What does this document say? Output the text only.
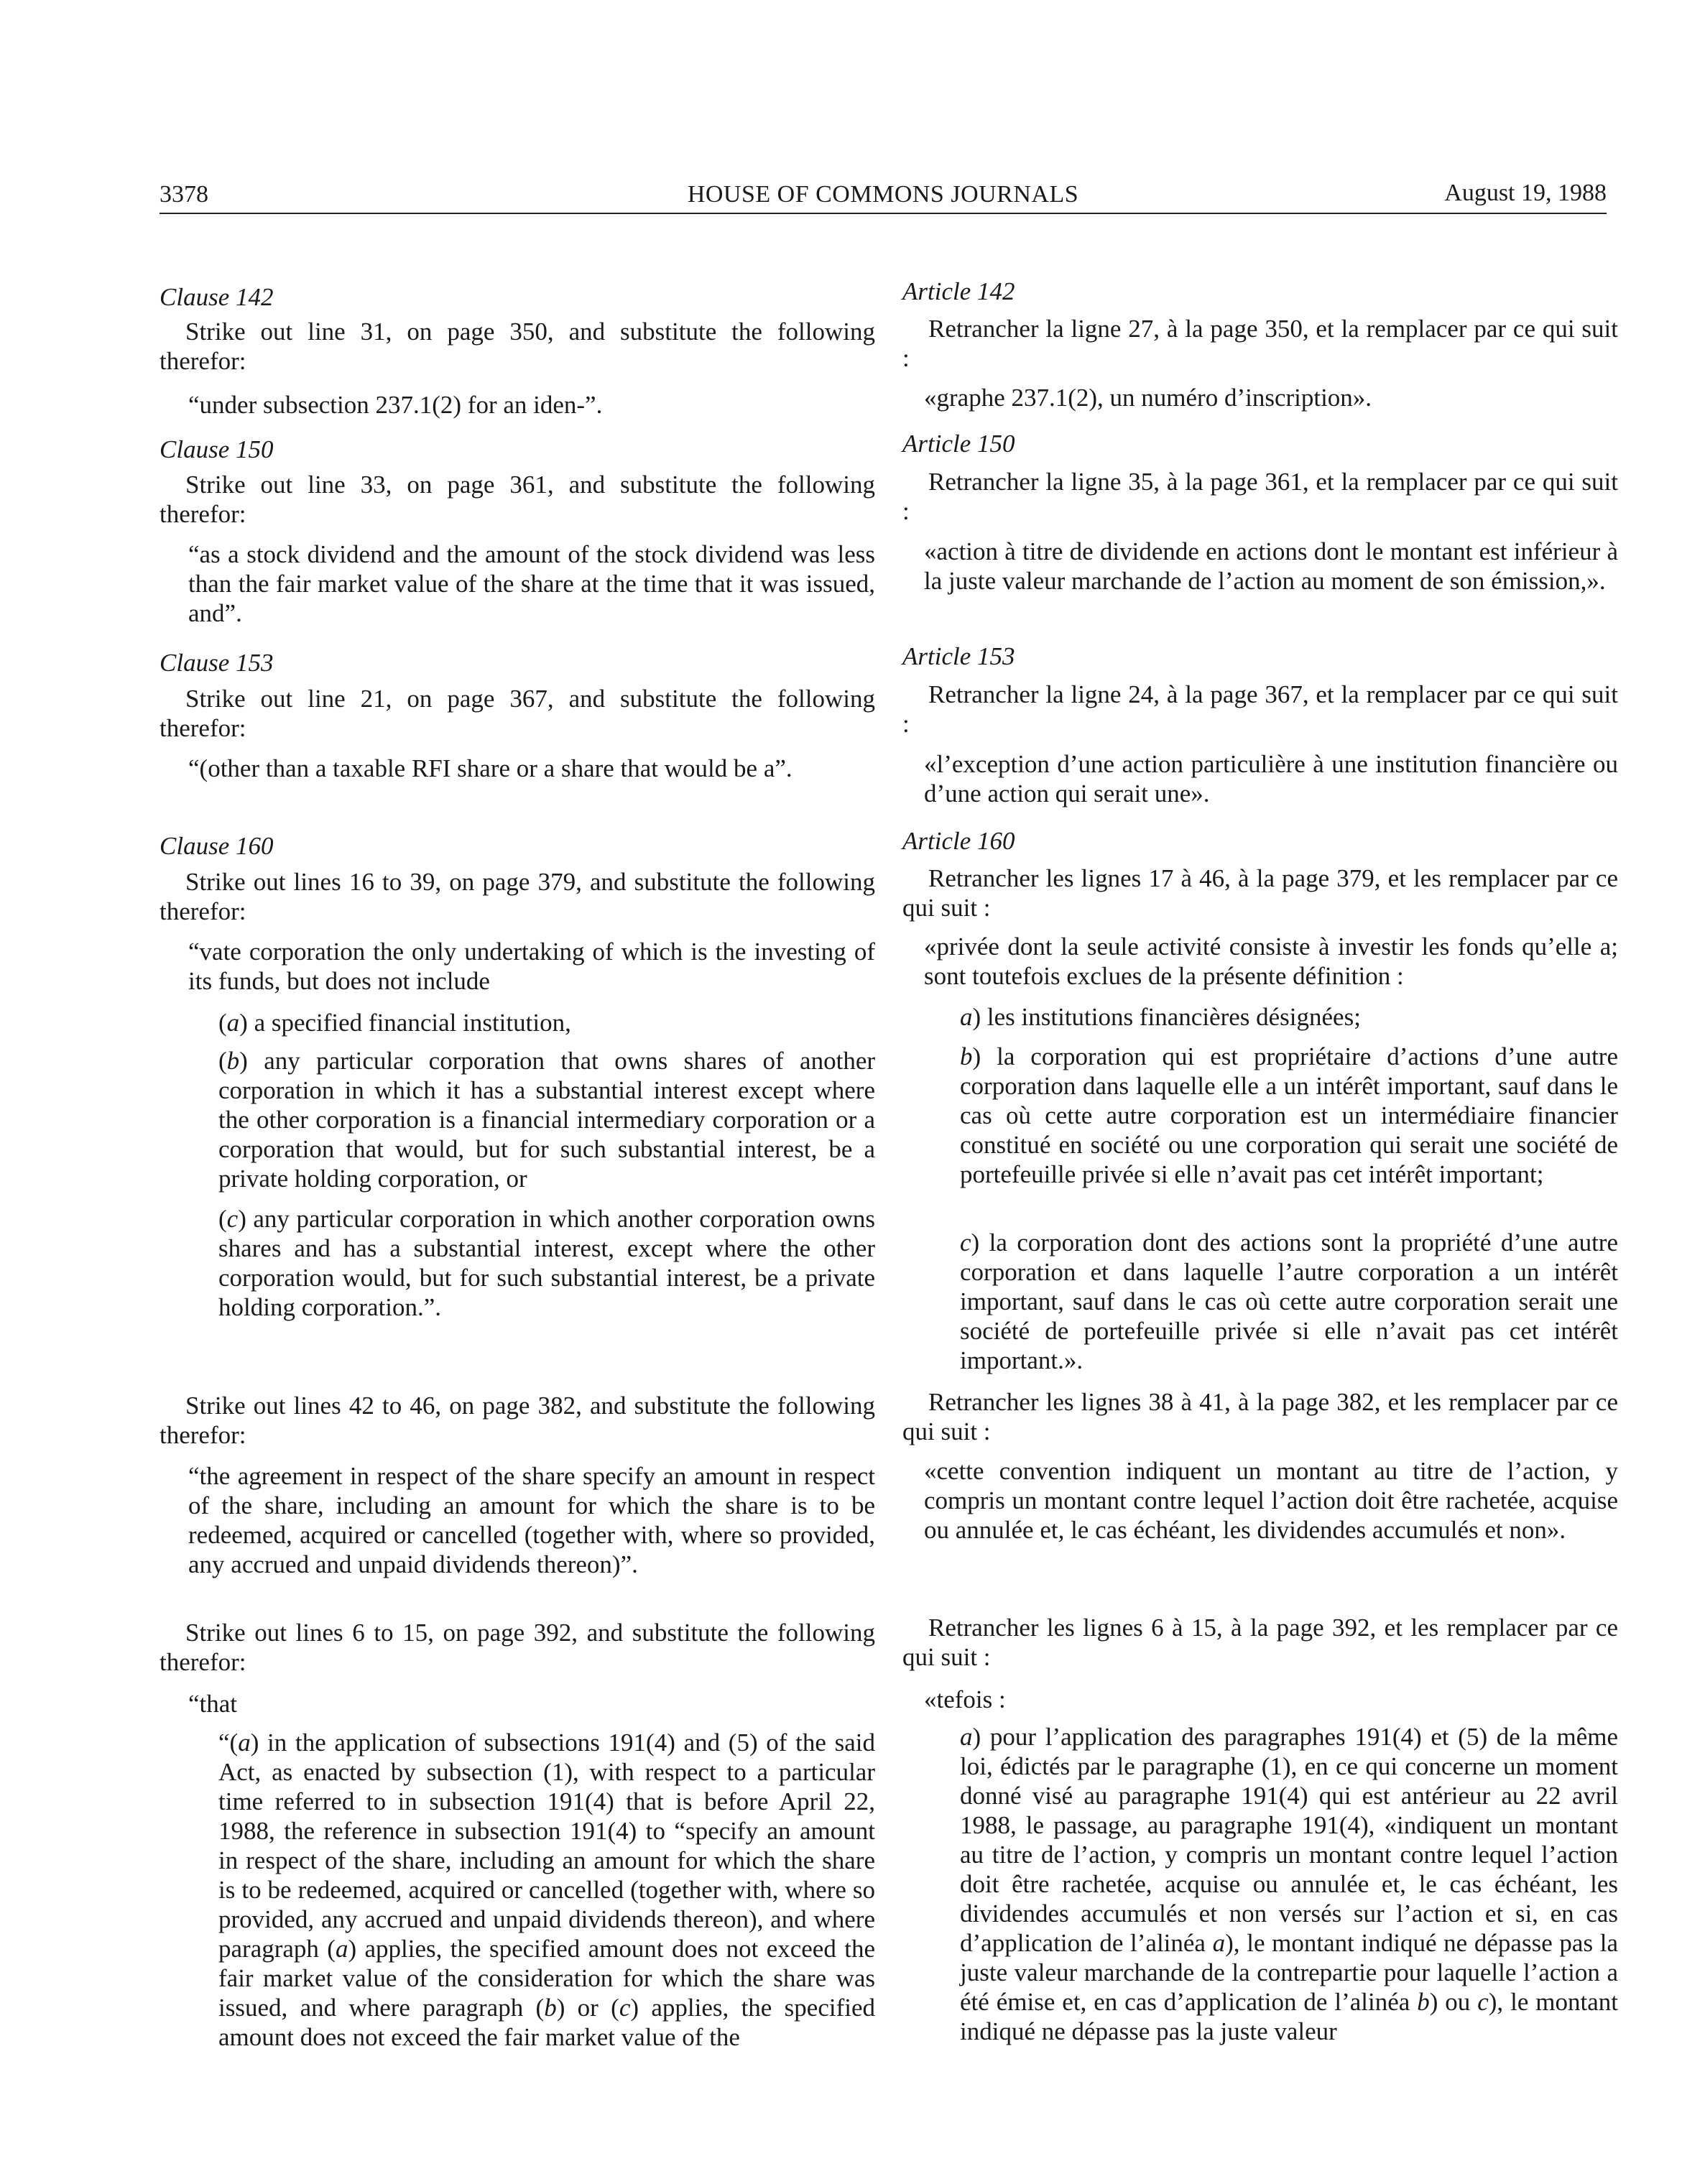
3378	HOUSE OF COMMONS JOURNALS	August 19, 1988
Clause 142
Strike out line 31, on page 350, and substitute the following therefor:
“under subsection 237.1(2) for an iden-”.
Clause 150
Strike out line 33, on page 361, and substitute the following therefor:
“as a stock dividend and the amount of the stock dividend was less than the fair market value of the share at the time that it was issued, and”.
Clause 153
Strike out line 21, on page 367, and substitute the following therefor:
“(other than a taxable RFI share or a share that would be a”.
Clause 160
Strike out lines 16 to 39, on page 379, and substitute the following therefor:
“vate corporation the only undertaking of which is the investing of its funds, but does not include
(a) a specified financial institution,
(b) any particular corporation that owns shares of another corporation in which it has a substantial interest except where the other corporation is a financial intermediary corporation or a corporation that would, but for such substantial interest, be a private holding corporation, or
(c) any particular corporation in which another corporation owns shares and has a substantial interest, except where the other corporation would, but for such substantial interest, be a private holding corporation.”.
Strike out lines 42 to 46, on page 382, and substitute the following therefor:
“the agreement in respect of the share specify an amount in respect of the share, including an amount for which the share is to be redeemed, acquired or cancelled (together with, where so provided, any accrued and unpaid dividends thereon)”.
Strike out lines 6 to 15, on page 392, and substitute the following therefor:
“that
“(a) in the application of subsections 191(4) and (5) of the said Act, as enacted by subsection (1), with respect to a particular time referred to in subsection 191(4) that is before April 22, 1988, the reference in subsection 191(4) to “specify an amount in respect of the share, including an amount for which the share is to be redeemed, acquired or cancelled (together with, where so provided, any accrued and unpaid dividends thereon), and where paragraph (a) applies, the specified amount does not exceed the fair market value of the consideration for which the share was issued, and where paragraph (b) or (c) applies, the specified amount does not exceed the fair market value of the
Article 142
Retrancher la ligne 27, à la page 350, et la remplacer par ce qui suit :
«graphe 237.1(2), un numéro d’inscription».
Article 150
Retrancher la ligne 35, à la page 361, et la remplacer par ce qui suit :
«action à titre de dividende en actions dont le montant est inférieur à la juste valeur marchande de l’action au moment de son émission,».
Article 153
Retrancher la ligne 24, à la page 367, et la remplacer par ce qui suit :
«l’exception d’une action particulière à une institution financière ou d’une action qui serait une».
Article 160
Retrancher les lignes 17 à 46, à la page 379, et les remplacer par ce qui suit :
«privée dont la seule activité consiste à investir les fonds qu’elle a; sont toutefois exclues de la présente définition :
a) les institutions financières désignées;
b) la corporation qui est propriétaire d’actions d’une autre corporation dans laquelle elle a un intérêt important, sauf dans le cas où cette autre corporation est un intermédiaire financier constitué en société ou une corporation qui serait une société de portefeuille privée si elle n’avait pas cet intérêt important;
c) la corporation dont des actions sont la propriété d’une autre corporation et dans laquelle l’autre corporation a un intérêt important, sauf dans le cas où cette autre corporation serait une société de portefeuille privée si elle n’avait pas cet intérêt important.».
Retrancher les lignes 38 à 41, à la page 382, et les remplacer par ce qui suit :
«cette convention indiquent un montant au titre de l’action, y compris un montant contre lequel l’action doit être rachetée, acquise ou annulée et, le cas échéant, les dividendes accumulés et non».
Retrancher les lignes 6 à 15, à la page 392, et les remplacer par ce qui suit :
«tefois :
a) pour l’application des paragraphes 191(4) et (5) de la même loi, édictés par le paragraphe (1), en ce qui concerne un moment donné visé au paragraphe 191(4) qui est antérieur au 22 avril 1988, le passage, au paragraphe 191(4), «indiquent un montant au titre de l’action, y compris un montant contre lequel l’action doit être rachetée, acquise ou annulée et, le cas échéant, les dividendes accumulés et non versés sur l’action et si, en cas d’application de l’alinéa a), le montant indiqué ne dépasse pas la juste valeur marchande de la contrepartie pour laquelle l’action a été émise et, en cas d’application de l’alinéa b) ou c), le montant indiqué ne dépasse pas la juste valeur
